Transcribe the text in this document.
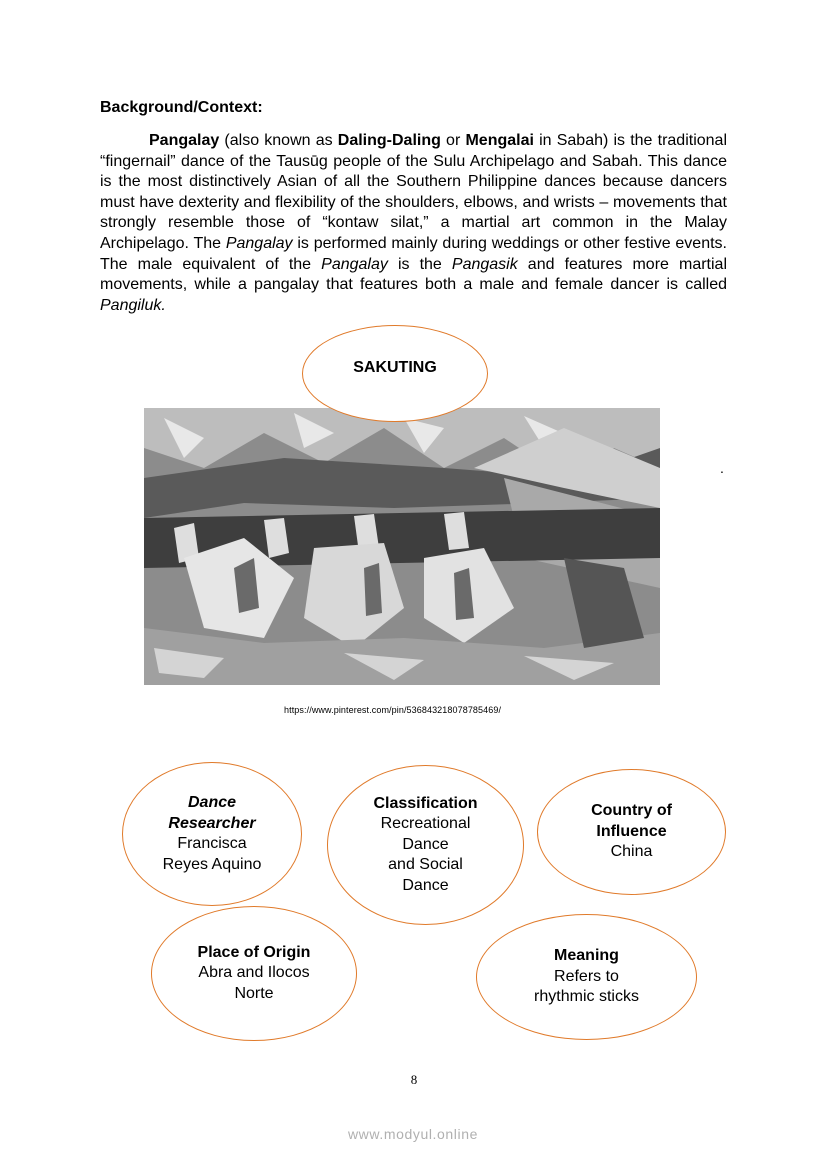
Background/Context:

Pangalay (also known as Daling-Daling or Mengalai in Sabah) is the traditional “fingernail” dance of the Tausūg people of the Sulu Archipelago and Sabah. This dance is the most distinctively Asian of all the Southern Philippine dances because dancers must have dexterity and flexibility of the shoulders, elbows, and wrists – movements that strongly resemble those of “kontaw silat,” a martial art common in the Malay Archipelago. The Pangalay is performed mainly during weddings or other festive events. The male equivalent of the Pangalay is the Pangasik and features more martial movements, while a pangalay that features both a male and female dancer is called Pangiluk.

.
SAKUTING
https://www.pinterest.com/pin/536843218078785469/
Dance
Researcher
Francisca
Reyes Aquino
Classification
Recreational
Dance
and Social
Dance
Country of
Influence
China
Place of Origin
Abra and Ilocos
Norte
Meaning
Refers to
rhythmic sticks
8
www.modyul.online
